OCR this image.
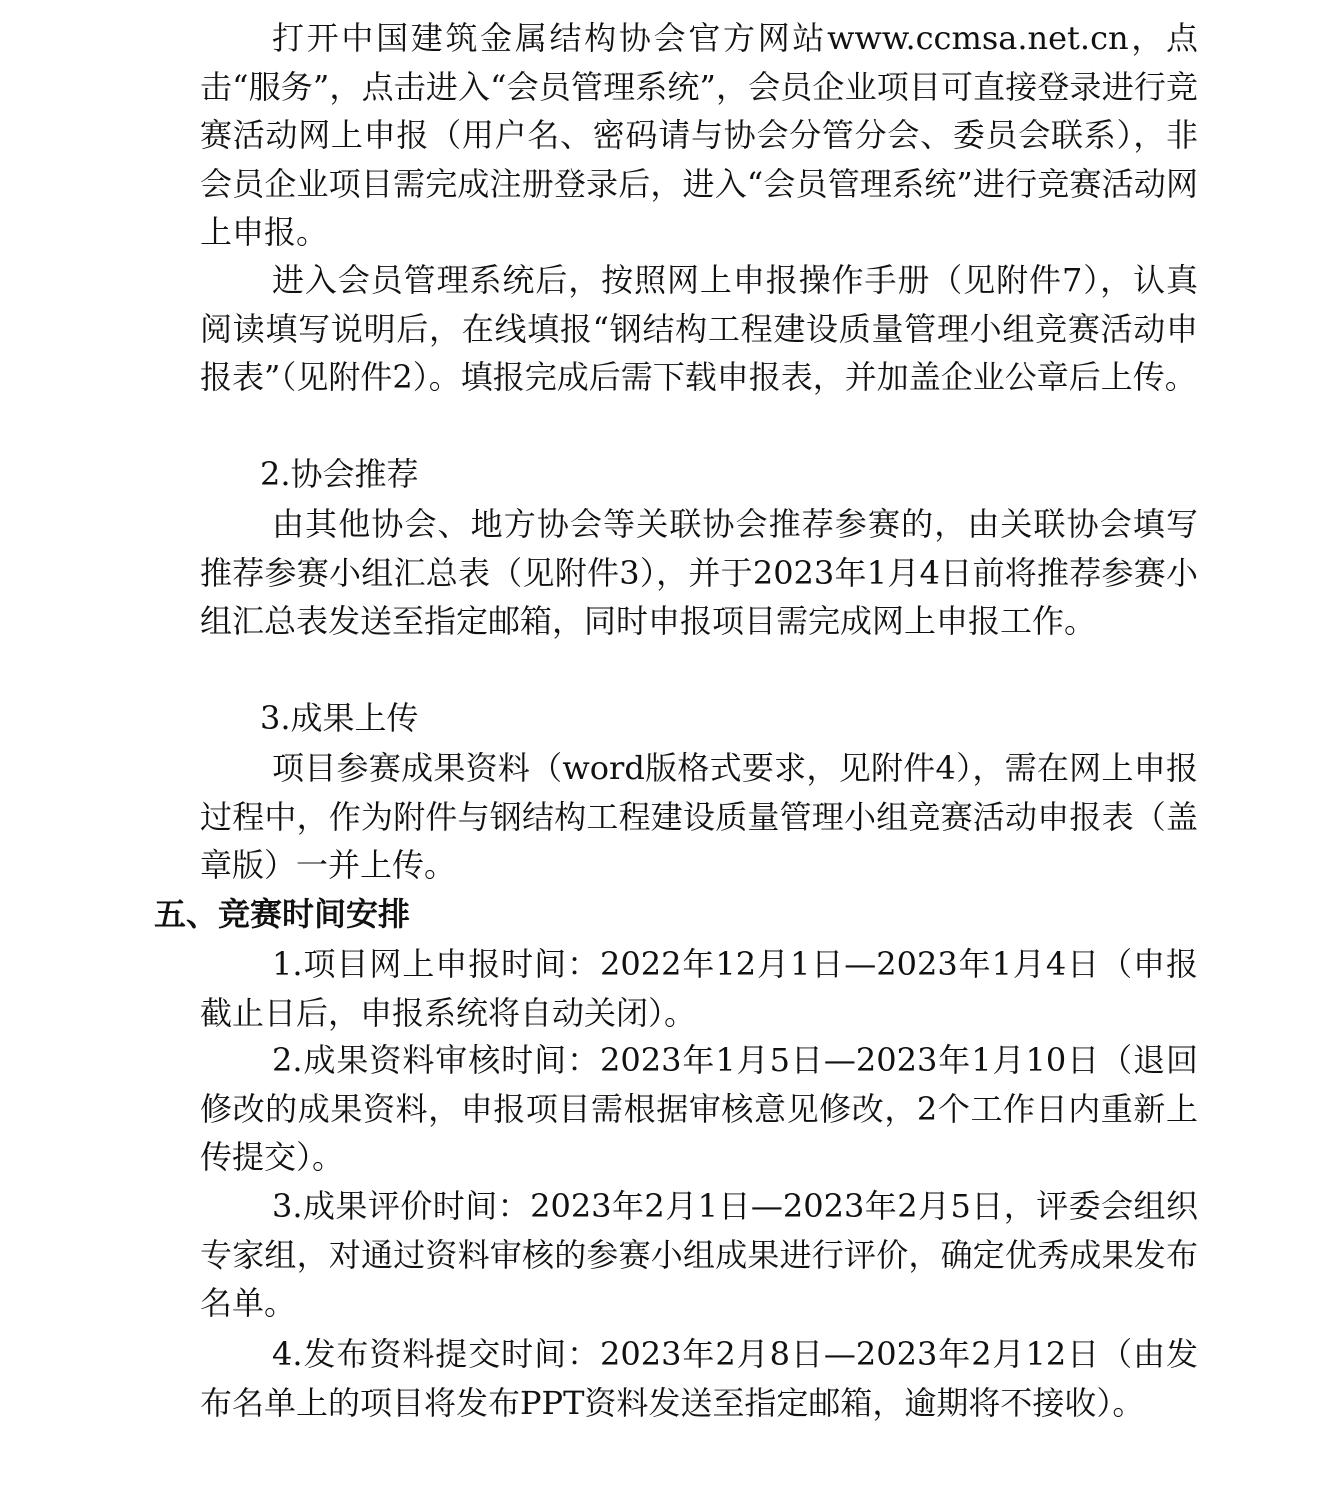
打开中国建筑金属结构协会官方网站www.ccmsa.net.cn，点击“服务”，点击进入“会员管理系统”，会员企业项目可直接登录进行竞赛活动网上申报（用户名、密码请与协会分管分会、委员会联系），非会员企业项目需完成注册登录后，进入“会员管理系统”进行竞赛活动网上申报。

进入会员管理系统后，按照网上申报操作手册（见附件7），认真阅读填写说明后，在线填报“钢结构工程建设质量管理小组竞赛活动申报表”（见附件2）。填报完成后需下载申报表，并加盖企业公章后上传。

2.协会推荐

由其他协会、地方协会等关联协会推荐参赛的，由关联协会填写推荐参赛小组汇总表（见附件3），并于2023年1月4日前将推荐参赛小组汇总表发送至指定邮箱，同时申报项目需完成网上申报工作。

3.成果上传

项目参赛成果资料（word版格式要求，见附件4），需在网上申报过程中，作为附件与钢结构工程建设质量管理小组竞赛活动申报表（盖章版）一并上传。

五、竞赛时间安排

1.项目网上申报时间：2022年12月1日—2023年1月4日（申报截止日后，申报系统将自动关闭）。

2.成果资料审核时间：2023年1月5日—2023年1月10日（退回修改的成果资料，申报项目需根据审核意见修改，2个工作日内重新上传提交）。

3.成果评价时间：2023年2月1日—2023年2月5日，评委会组织专家组，对通过资料审核的参赛小组成果进行评价，确定优秀成果发布名单。

4.发布资料提交时间：2023年2月8日—2023年2月12日（由发布名单上的项目将发布PPT资料发送至指定邮箱，逾期将不接收）。
